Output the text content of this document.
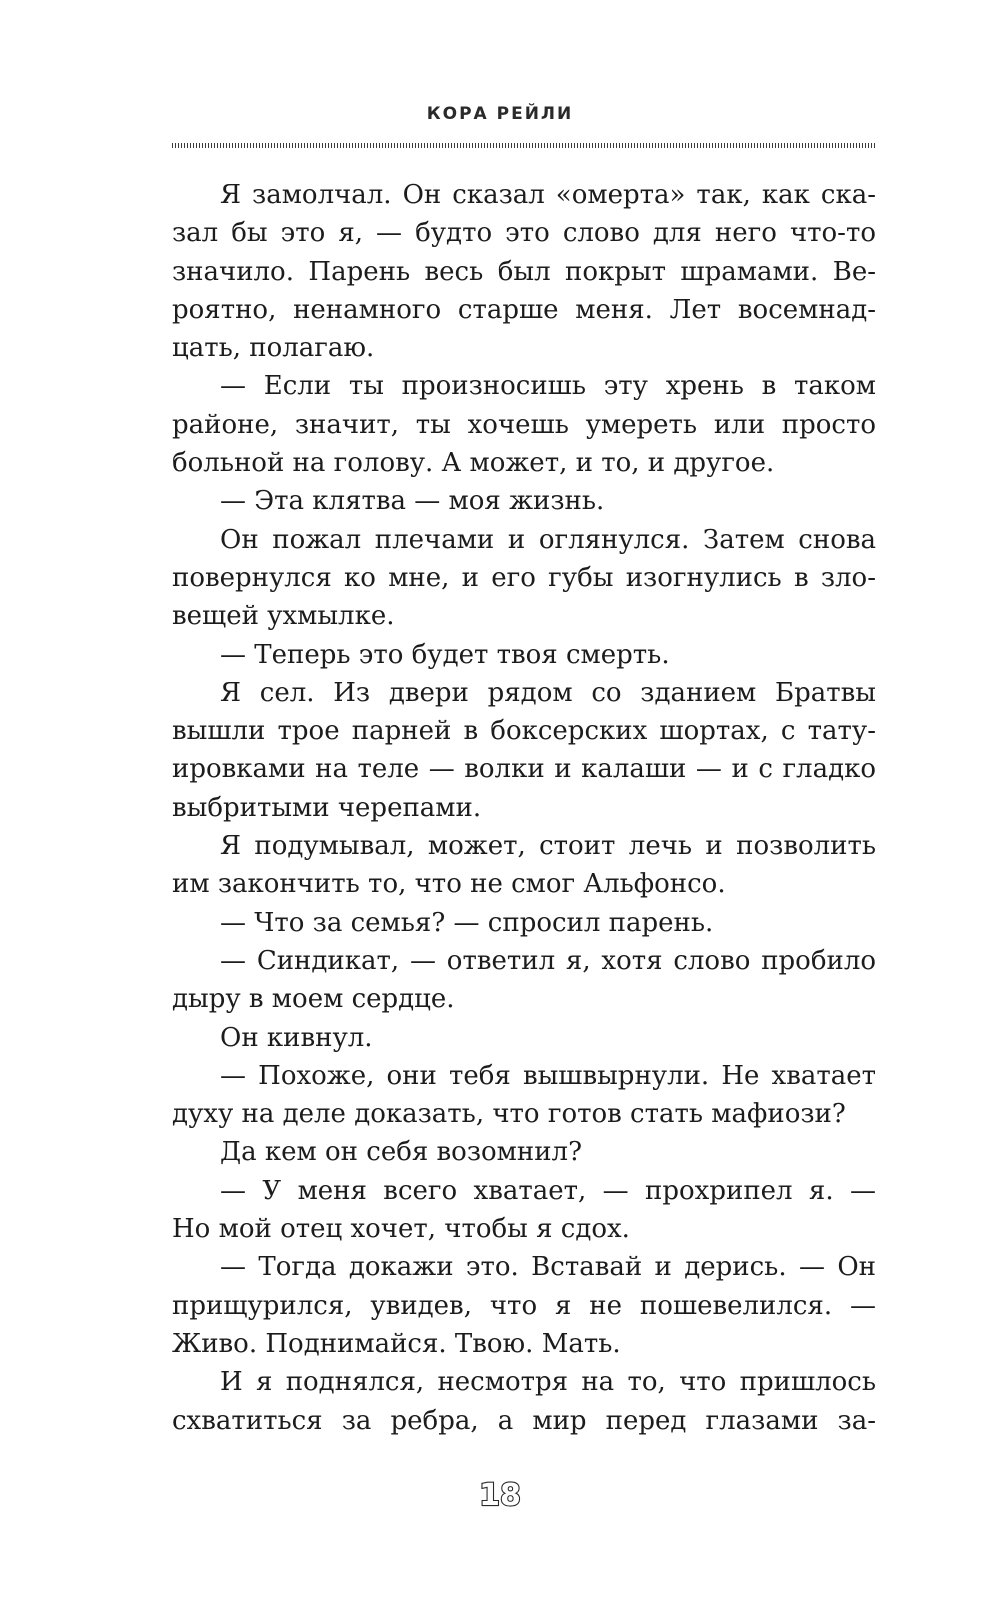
КОРА РЕЙЛИ
Я замолчал. Он сказал «омерта» так, как ска-
зал бы это я, — будто это слово для него что-то
значило. Парень весь был покрыт шрамами. Ве-
роятно, ненамного старше меня. Лет восемнад-
цать, полагаю.
— Если ты произносишь эту хрень в таком
районе, значит, ты хочешь умереть или просто
больной на голову. А может, и то, и другое.
— Эта клятва — моя жизнь.
Он пожал плечами и оглянулся. Затем снова
повернулся ко мне, и его губы изогнулись в зло-
вещей ухмылке.
— Теперь это будет твоя смерть.
Я сел. Из двери рядом со зданием Братвы
вышли трое парней в боксерских шортах, с тату-
ировками на теле — волки и калаши — и с гладко
выбритыми черепами.
Я подумывал, может, стоит лечь и позволить
им закончить то, что не смог Альфонсо.
— Что за семья? — спросил парень.
— Синдикат, — ответил я, хотя слово пробило
дыру в моем сердце.
Он кивнул.
— Похоже, они тебя вышвырнули. Не хватает
духу на деле доказать, что готов стать мафиози?
Да кем он себя возомнил?
— У меня всего хватает, — прохрипел я. —
Но мой отец хочет, чтобы я сдох.
— Тогда докажи это. Вставай и дерись. — Он
прищурился, увидев, что я не пошевелился. —
Живо. Поднимайся. Твою. Мать.
И я поднялся, несмотря на то, что пришлось
схватиться за ребра, а мир перед глазами за-
18
